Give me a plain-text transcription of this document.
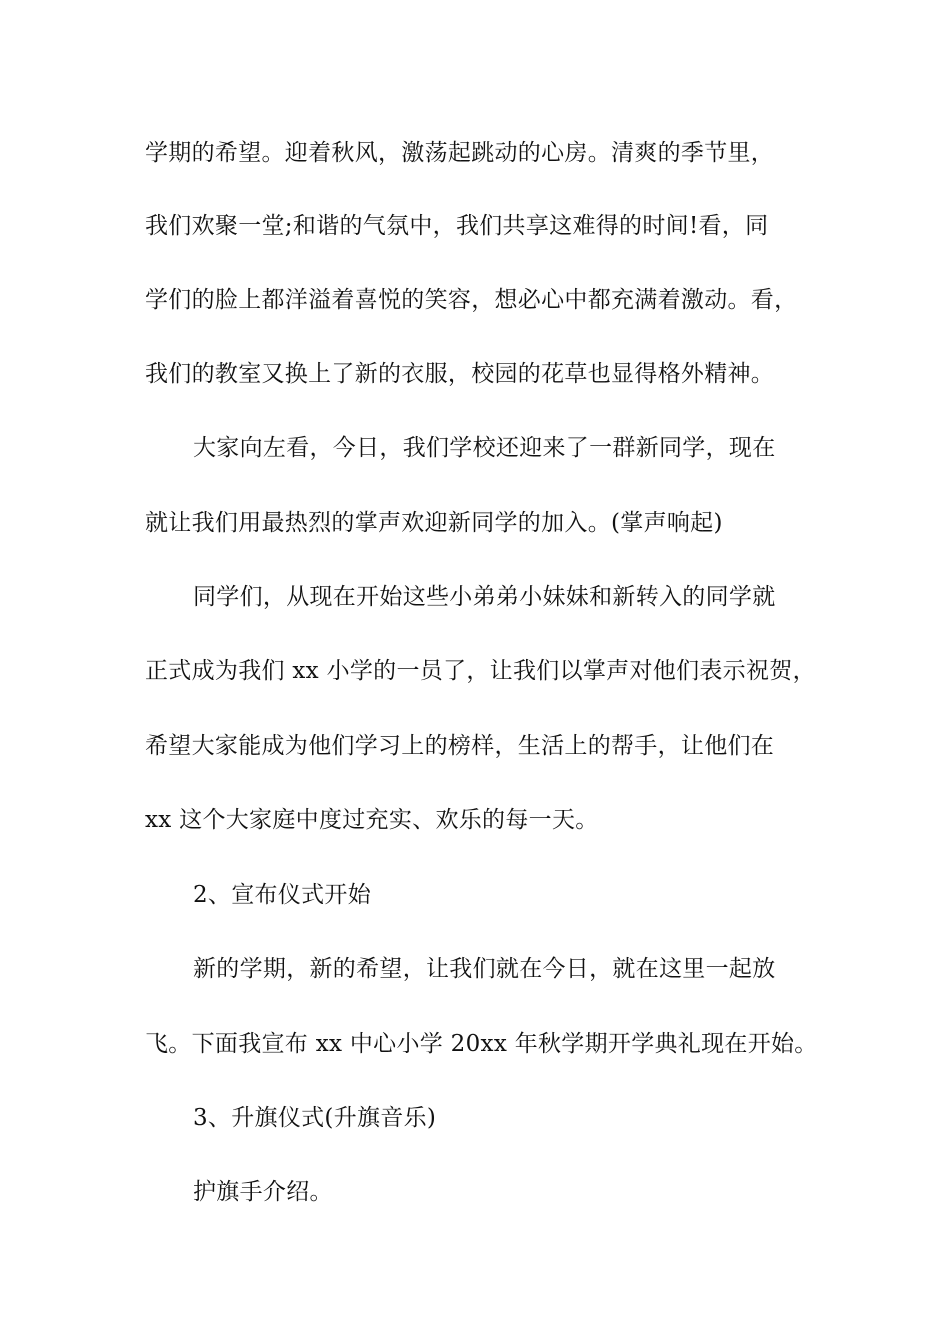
学期的希望。迎着秋风，激荡起跳动的心房。清爽的季节里，
我们欢聚一堂;和谐的气氛中，我们共享这难得的时间!看，同
学们的脸上都洋溢着喜悦的笑容，想必心中都充满着激动。看，
我们的教室又换上了新的衣服，校园的花草也显得格外精神。
大家向左看，今日，我们学校还迎来了一群新同学，现在
就让我们用最热烈的掌声欢迎新同学的加入。(掌声响起)
同学们，从现在开始这些小弟弟小妹妹和新转入的同学就
正式成为我们 xx 小学的一员了，让我们以掌声对他们表示祝贺，
希望大家能成为他们学习上的榜样，生活上的帮手，让他们在
xx 这个大家庭中度过充实、欢乐的每一天。
2、宣布仪式开始
新的学期，新的希望，让我们就在今日，就在这里一起放
飞。下面我宣布 xx 中心小学 20xx 年秋学期开学典礼现在开始。
3、升旗仪式(升旗音乐)
护旗手介绍。
